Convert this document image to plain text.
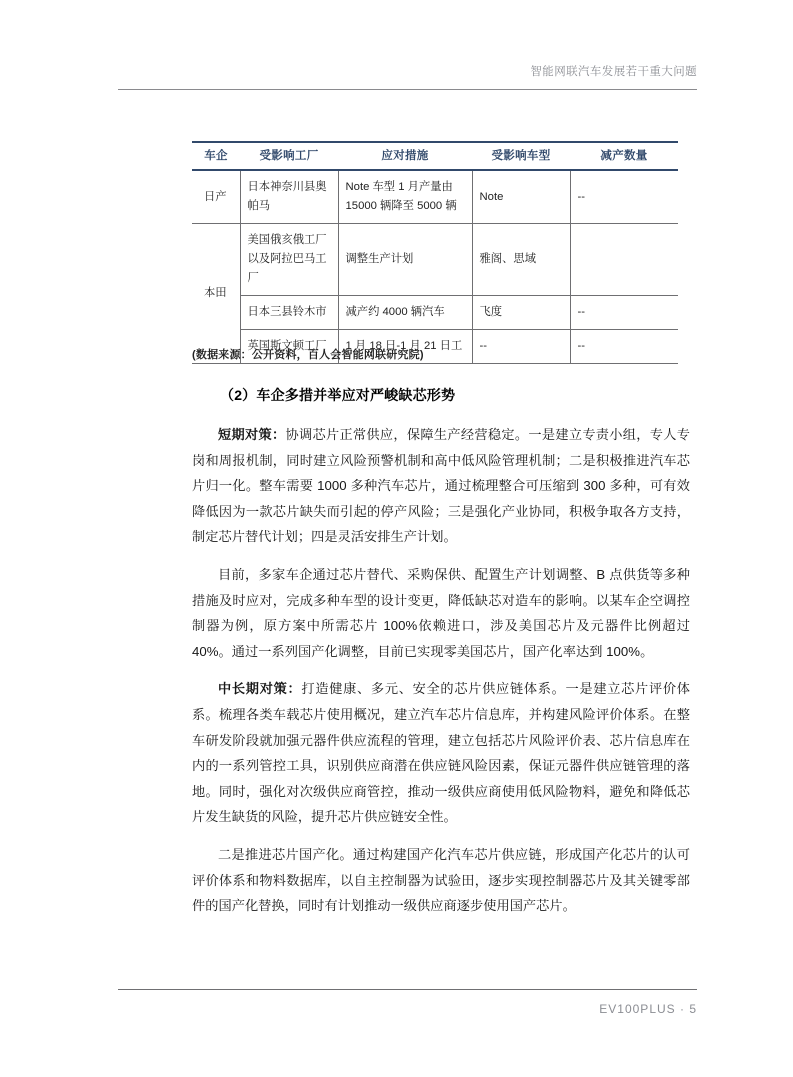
智能网联汽车发展若干重大问题
车企	受影响工厂	应对措施	受影响车型	减产数量
日产	日本神奈川县奥帕马	Note 车型 1 月产量由 15000 辆降至 5000 辆	Note	--
本田	美国俄亥俄工厂以及阿拉巴马工厂	调整生产计划	雅阁、思域	
	日本三县铃木市	减产约 4000 辆汽车	飞度	--
	英国斯文顿工厂	1 月 18 日-1 月 21 日工	--	--
(数据来源：公开资料，百人会智能网联研究院)
（2）车企多措并举应对严峻缺芯形势

短期对策：协调芯片正常供应，保障生产经营稳定。一是建立专责小组，专人专岗和周报机制，同时建立风险预警机制和高中低风险管理机制；二是积极推进汽车芯片归一化。整车需要 1000 多种汽车芯片，通过梳理整合可压缩到 300 多种，可有效降低因为一款芯片缺失而引起的停产风险；三是强化产业协同，积极争取各方支持，制定芯片替代计划；四是灵活安排生产计划。

目前，多家车企通过芯片替代、采购保供、配置生产计划调整、B 点供货等多种措施及时应对，完成多种车型的设计变更，降低缺芯对造车的影响。以某车企空调控制器为例，原方案中所需芯片 100%依赖进口，涉及美国芯片及元器件比例超过 40%。通过一系列国产化调整，目前已实现零美国芯片，国产化率达到 100%。

中长期对策：打造健康、多元、安全的芯片供应链体系。一是建立芯片评价体系。梳理各类车载芯片使用概况，建立汽车芯片信息库，并构建风险评价体系。在整车研发阶段就加强元器件供应流程的管理，建立包括芯片风险评价表、芯片信息库在内的一系列管控工具，识别供应商潜在供应链风险因素，保证元器件供应链管理的落地。同时，强化对次级供应商管控，推动一级供应商使用低风险物料，避免和降低芯片发生缺货的风险，提升芯片供应链安全性。

二是推进芯片国产化。通过构建国产化汽车芯片供应链，形成国产化芯片的认可评价体系和物料数据库，以自主控制器为试验田，逐步实现控制器芯片及其关键零部件的国产化替换，同时有计划推动一级供应商逐步使用国产芯片。

EV100PLUS · 5
